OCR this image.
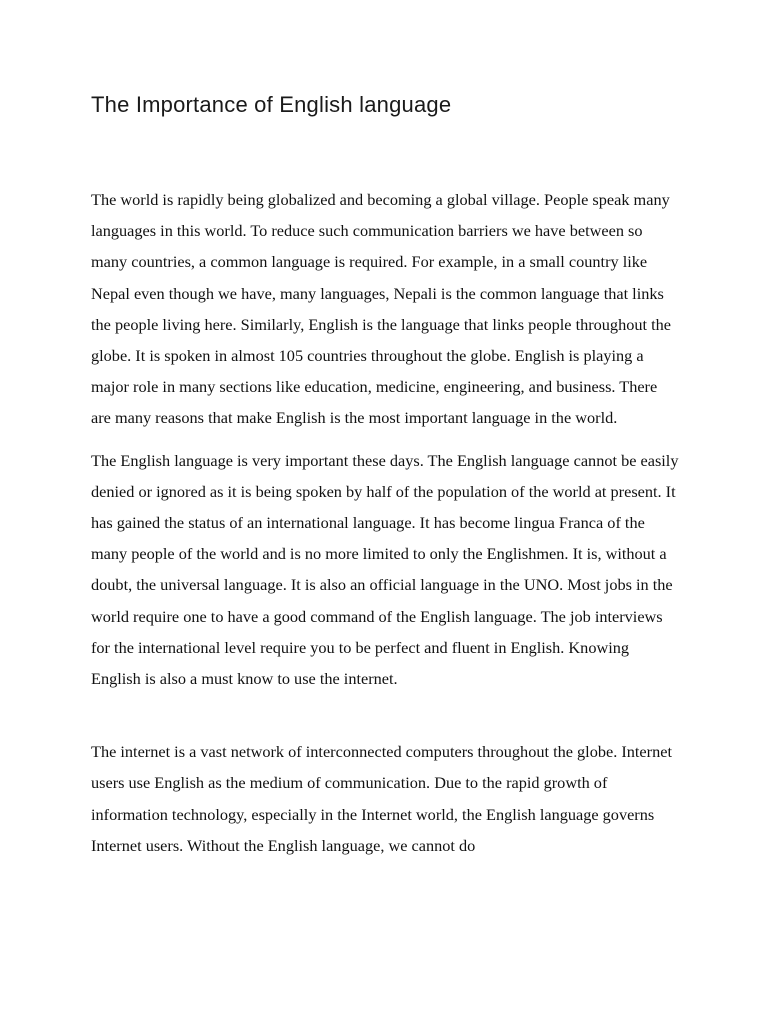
The Importance of English language

The world is rapidly being globalized and becoming a global village. People speak many languages in this world. To reduce such communication barriers we have between so many countries, a common language is required. For example, in a small country like Nepal even though we have, many languages, Nepali is the common language that links the people living here. Similarly, English is the language that links people throughout the globe. It is spoken in almost 105 countries throughout the globe. English is playing a major role in many sections like education, medicine, engineering, and business. There are many reasons that make English is the most important language in the world.

The English language is very important these days. The English language cannot be easily denied or ignored as it is being spoken by half of the population of the world at present. It has gained the status of an international language. It has become lingua Franca of the many people of the world and is no more limited to only the Englishmen. It is, without a doubt, the universal language. It is also an official language in the UNO. Most jobs in the world require one to have a good command of the English language. The job interviews for the international level require you to be perfect and fluent in English. Knowing English is also a must know to use the internet.

The internet is a vast network of interconnected computers throughout the globe. Internet users use English as the medium of communication. Due to the rapid growth of information technology, especially in the Internet world, the English language governs Internet users. Without the English language, we cannot do
